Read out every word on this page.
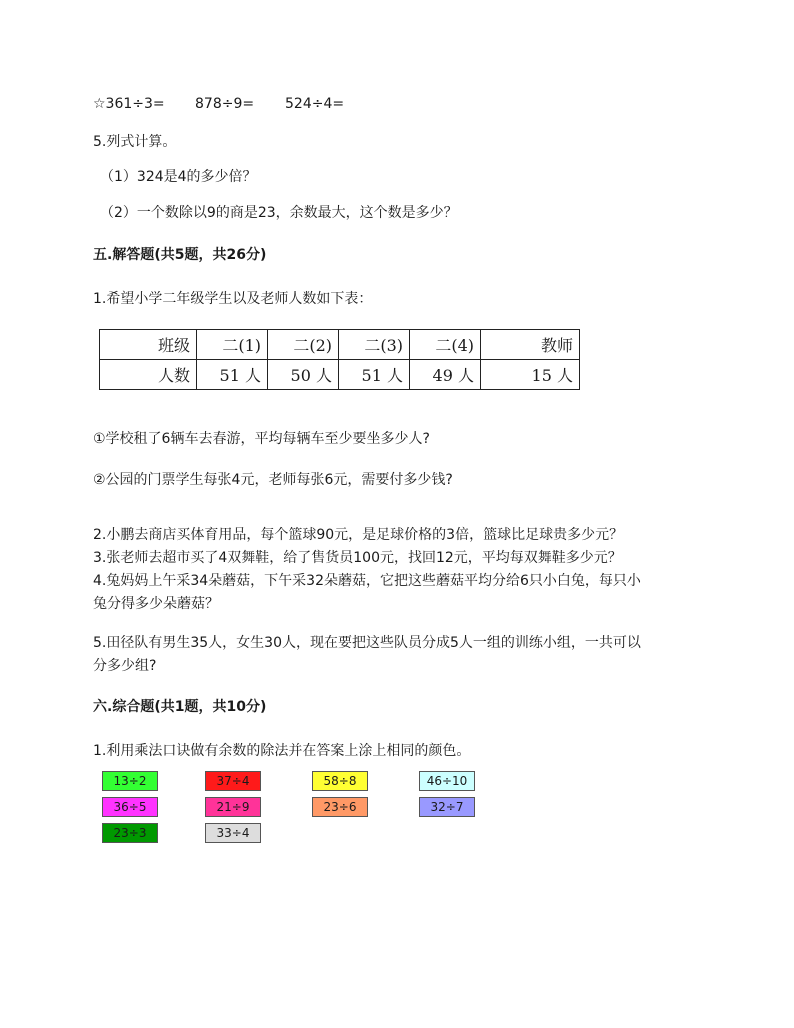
☆361÷3= 878÷9= 524÷4=
5.列式计算。
（1）324是4的多少倍？
（2）一个数除以9的商是23，余数最大，这个数是多少？
五.解答题(共5题，共26分)
1.希望小学二年级学生以及老师人数如下表：
班级	二(1)	二(2)	二(3)	二(4)	教师
人数	51 人	50 人	51 人	49 人	15 人
①学校租了6辆车去春游，平均每辆车至少要坐多少人?
②公园的门票学生每张4元，老师每张6元，需要付多少钱?
2.小鹏去商店买体育用品，每个篮球90元，是足球价格的3倍，篮球比足球贵多少元？
3.张老师去超市买了4双舞鞋，给了售货员100元，找回12元，平均每双舞鞋多少元？
4.兔妈妈上午采34朵蘑菇，下午采32朵蘑菇，它把这些蘑菇平均分给6只小白兔，每只小
兔分得多少朵蘑菇？
5.田径队有男生35人，女生30人，现在要把这些队员分成5人一组的训练小组，一共可以
分多少组?
六.综合题(共1题，共10分)
1.利用乘法口诀做有余数的除法并在答案上涂上相同的颜色。
13÷2	37÷4	58÷8	46÷10
36÷5	21÷9	23÷6	32÷7
23÷3	33÷4
